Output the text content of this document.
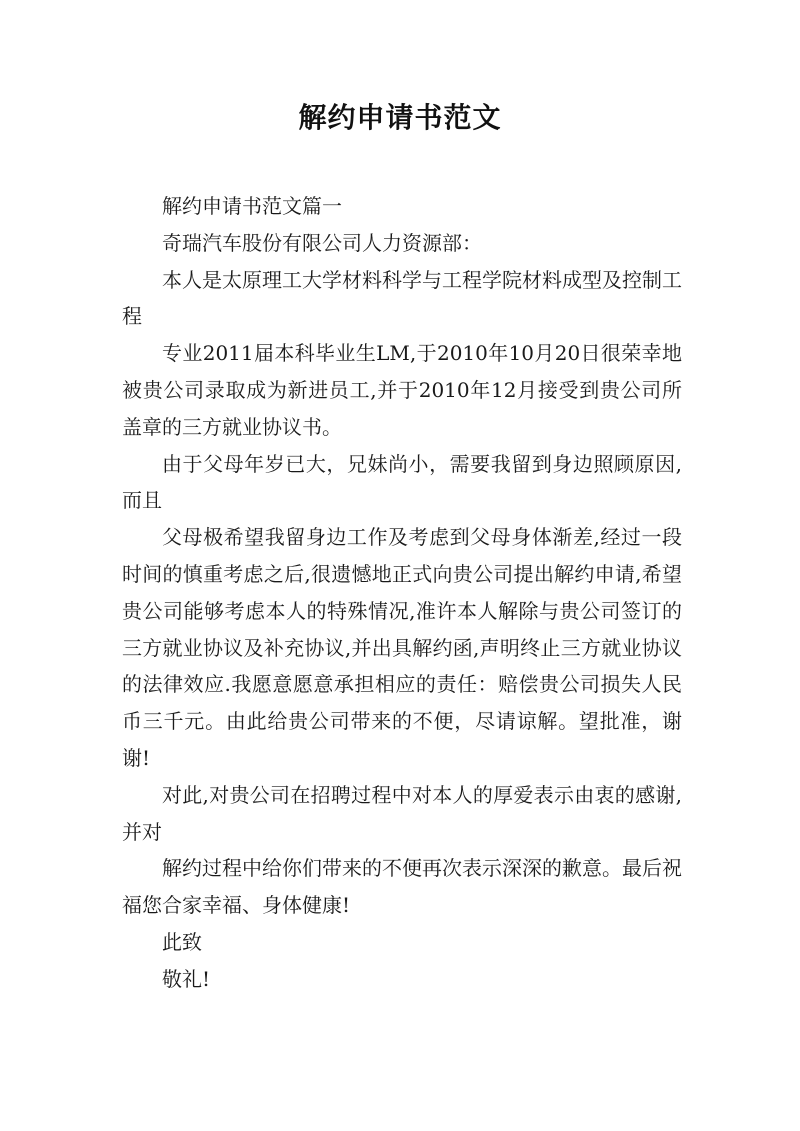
解约申请书范文

解约申请书范文篇一

奇瑞汽车股份有限公司人力资源部：

本人是太原理工大学材料科学与工程学院材料成型及控制工程

专业2011届本科毕业生LM,于2010年10月20日很荣幸地被贵公司录取成为新进员工,并于2010年12月接受到贵公司所盖章的三方就业协议书。

由于父母年岁已大，兄妹尚小，需要我留到身边照顾原因,而且

父母极希望我留身边工作及考虑到父母身体渐差,经过一段时间的慎重考虑之后,很遗憾地正式向贵公司提出解约申请,希望贵公司能够考虑本人的特殊情况,准许本人解除与贵公司签订的三方就业协议及补充协议,并出具解约函,声明终止三方就业协议的法律效应.我愿意愿意承担相应的责任：赔偿贵公司损失人民币三千元。由此给贵公司带来的不便，尽请谅解。望批准，谢谢!

对此,对贵公司在招聘过程中对本人的厚爱表示由衷的感谢,并对

解约过程中给你们带来的不便再次表示深深的歉意。最后祝福您合家幸福、身体健康!

此致

敬礼!
